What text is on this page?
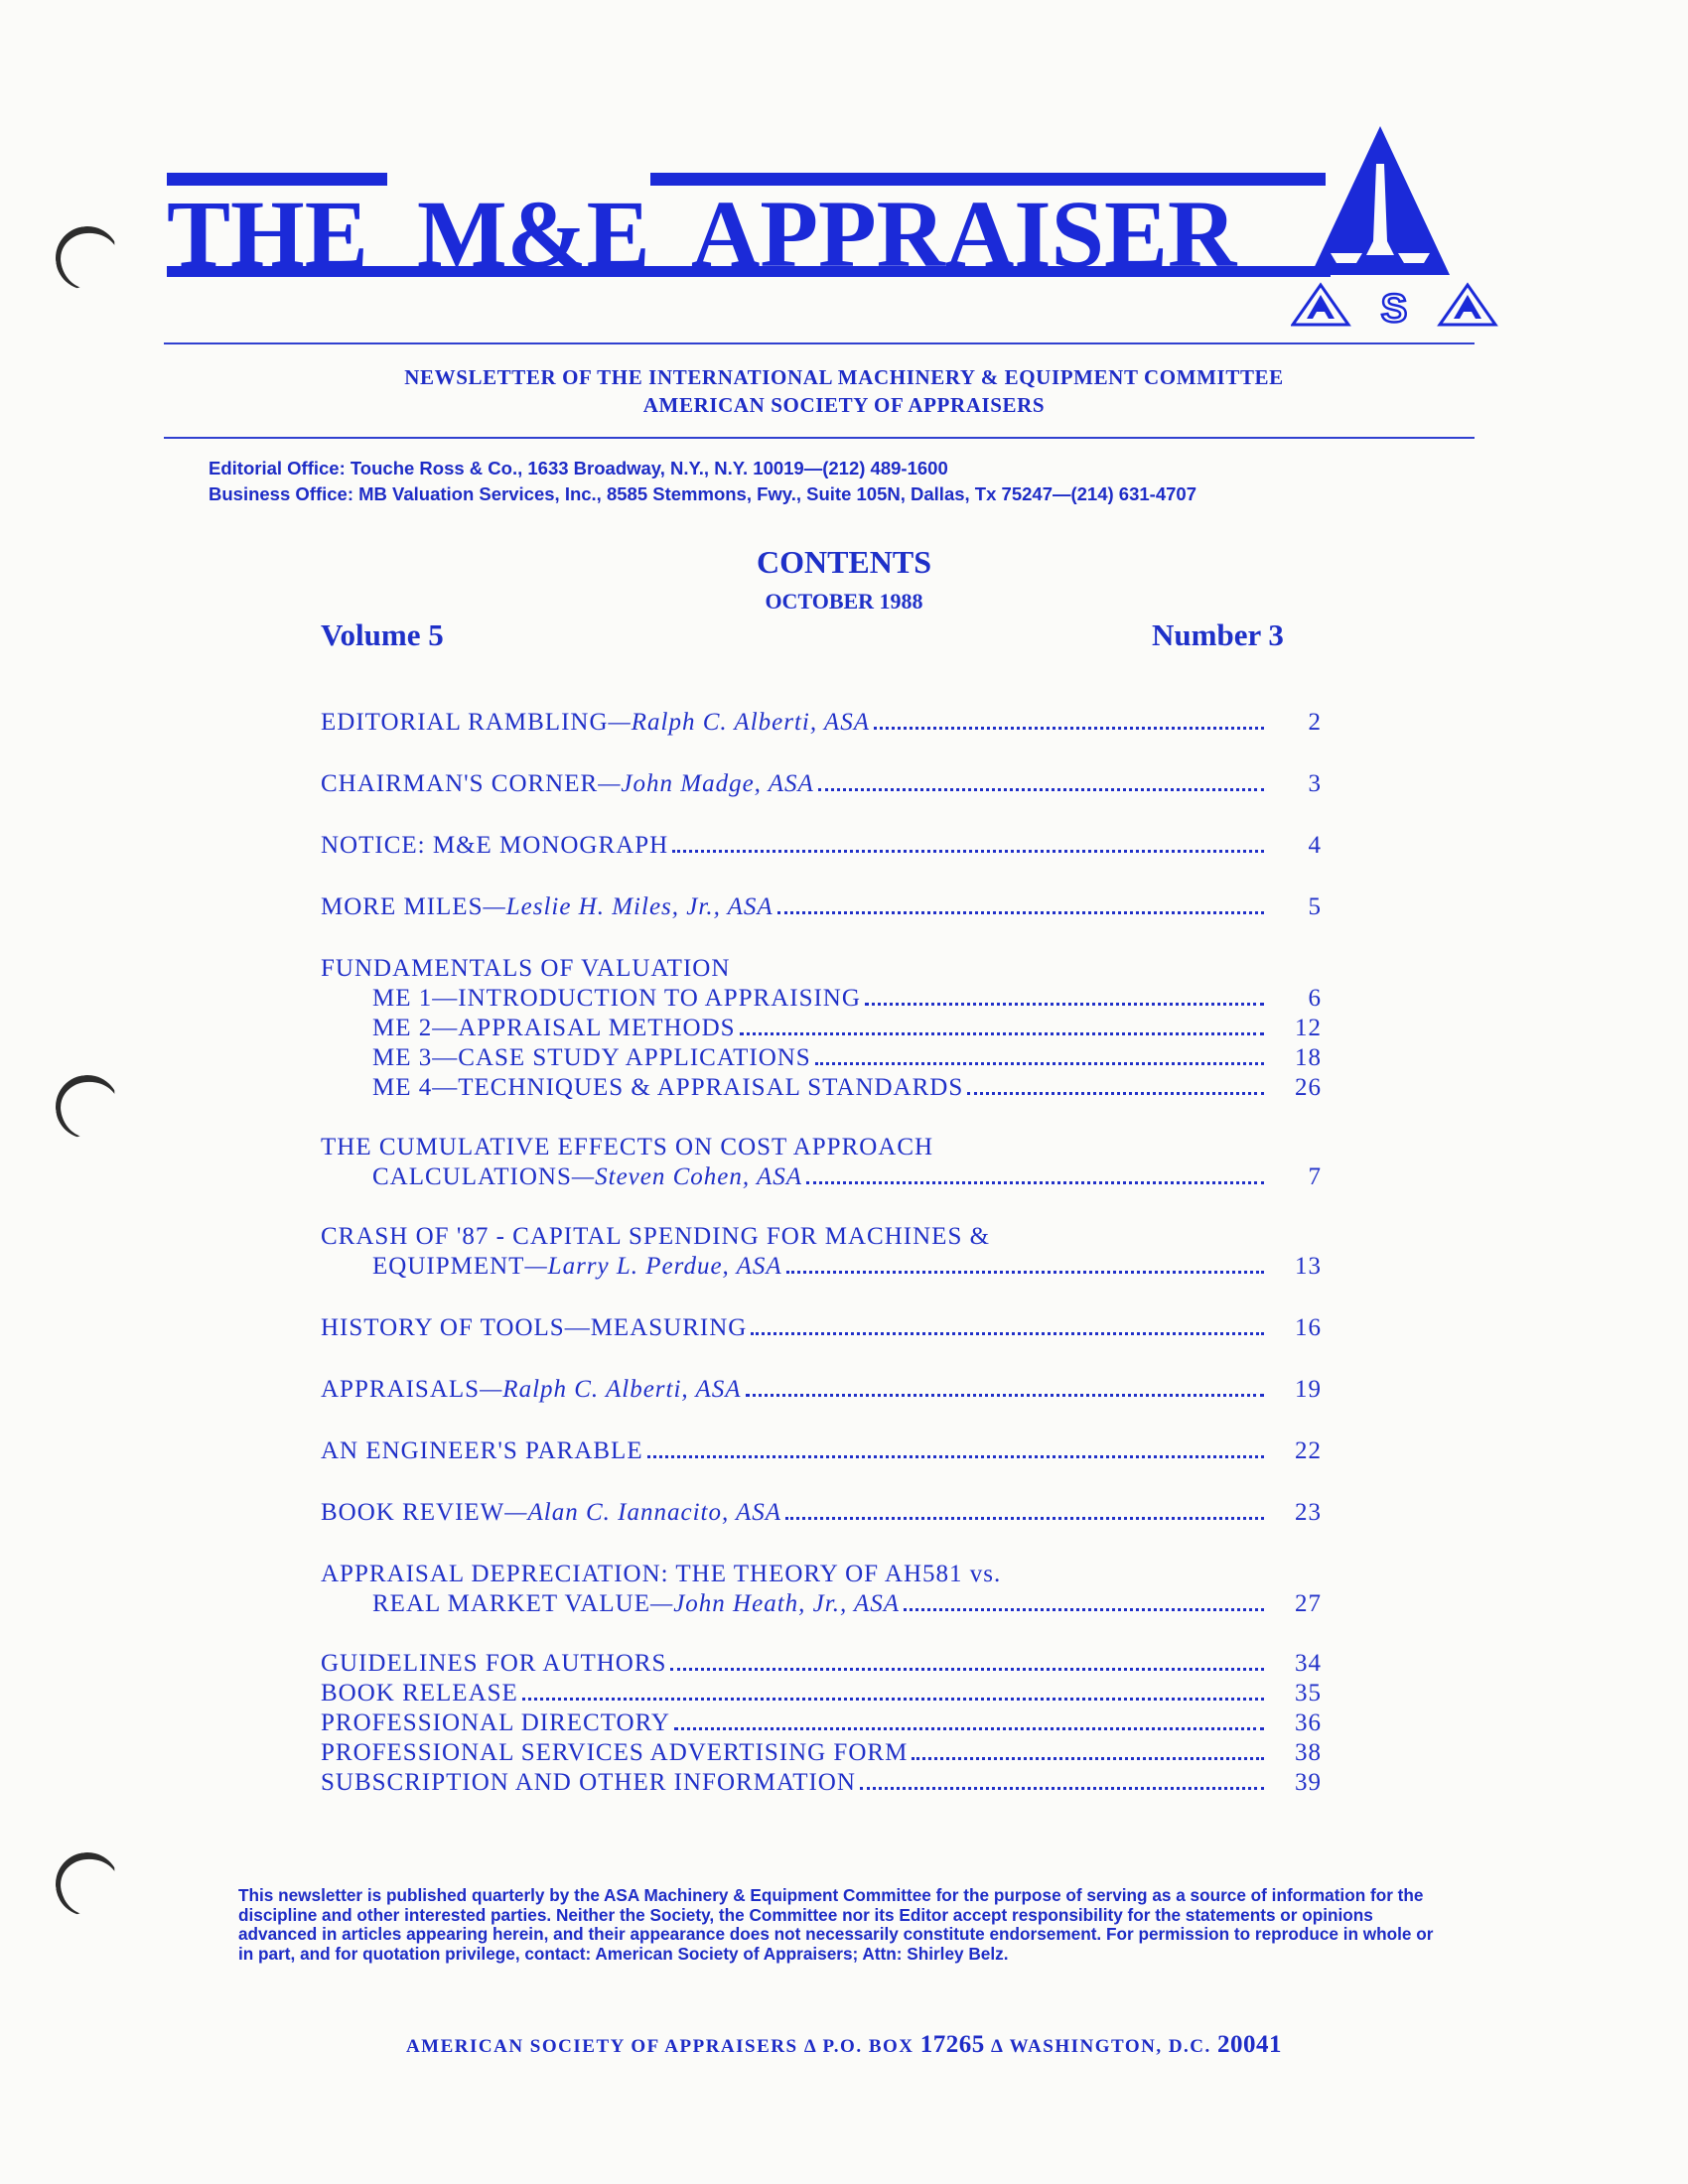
THE M&E APPRAISER
S
NEWSLETTER OF THE INTERNATIONAL MACHINERY & EQUIPMENT COMMITTEE
AMERICAN SOCIETY OF APPRAISERS
Editorial Office: Touche Ross & Co., 1633 Broadway, N.Y., N.Y. 10019—(212) 489-1600
Business Office: MB Valuation Services, Inc., 8585 Stemmons, Fwy., Suite 105N, Dallas, Tx 75247—(214) 631-4707
CONTENTS
OCTOBER 1988
Volume 5	Number 3
EDITORIAL RAMBLING—Ralph C. Alberti, ASA	2
CHAIRMAN'S CORNER—John Madge, ASA	3
NOTICE: M&E MONOGRAPH	4
MORE MILES—Leslie H. Miles, Jr., ASA	5
FUNDAMENTALS OF VALUATION
ME 1—INTRODUCTION TO APPRAISING	6
ME 2—APPRAISAL METHODS	12
ME 3—CASE STUDY APPLICATIONS	18
ME 4—TECHNIQUES & APPRAISAL STANDARDS	26
THE CUMULATIVE EFFECTS ON COST APPROACH
CALCULATIONS—Steven Cohen, ASA	7
CRASH OF '87 - CAPITAL SPENDING FOR MACHINES &
EQUIPMENT—Larry L. Perdue, ASA	13
HISTORY OF TOOLS—MEASURING	16
APPRAISALS—Ralph C. Alberti, ASA	19
AN ENGINEER'S PARABLE	22
BOOK REVIEW—Alan C. Iannacito, ASA	23
APPRAISAL DEPRECIATION: THE THEORY OF AH581 vs.
REAL MARKET VALUE—John Heath, Jr., ASA	27
GUIDELINES FOR AUTHORS	34
BOOK RELEASE	35
PROFESSIONAL DIRECTORY	36
PROFESSIONAL SERVICES ADVERTISING FORM	38
SUBSCRIPTION AND OTHER INFORMATION	39
This newsletter is published quarterly by the ASA Machinery & Equipment Committee for the purpose of serving as a source of information for the discipline and other interested parties. Neither the Society, the Committee nor its Editor accept responsibility for the statements or opinions advanced in articles appearing herein, and their appearance does not necessarily constitute endorsement. For permission to reproduce in whole or in part, and for quotation privilege, contact: American Society of Appraisers; Attn: Shirley Belz.
AMERICAN SOCIETY OF APPRAISERS Δ P.O. BOX 17265 Δ WASHINGTON, D.C. 20041
